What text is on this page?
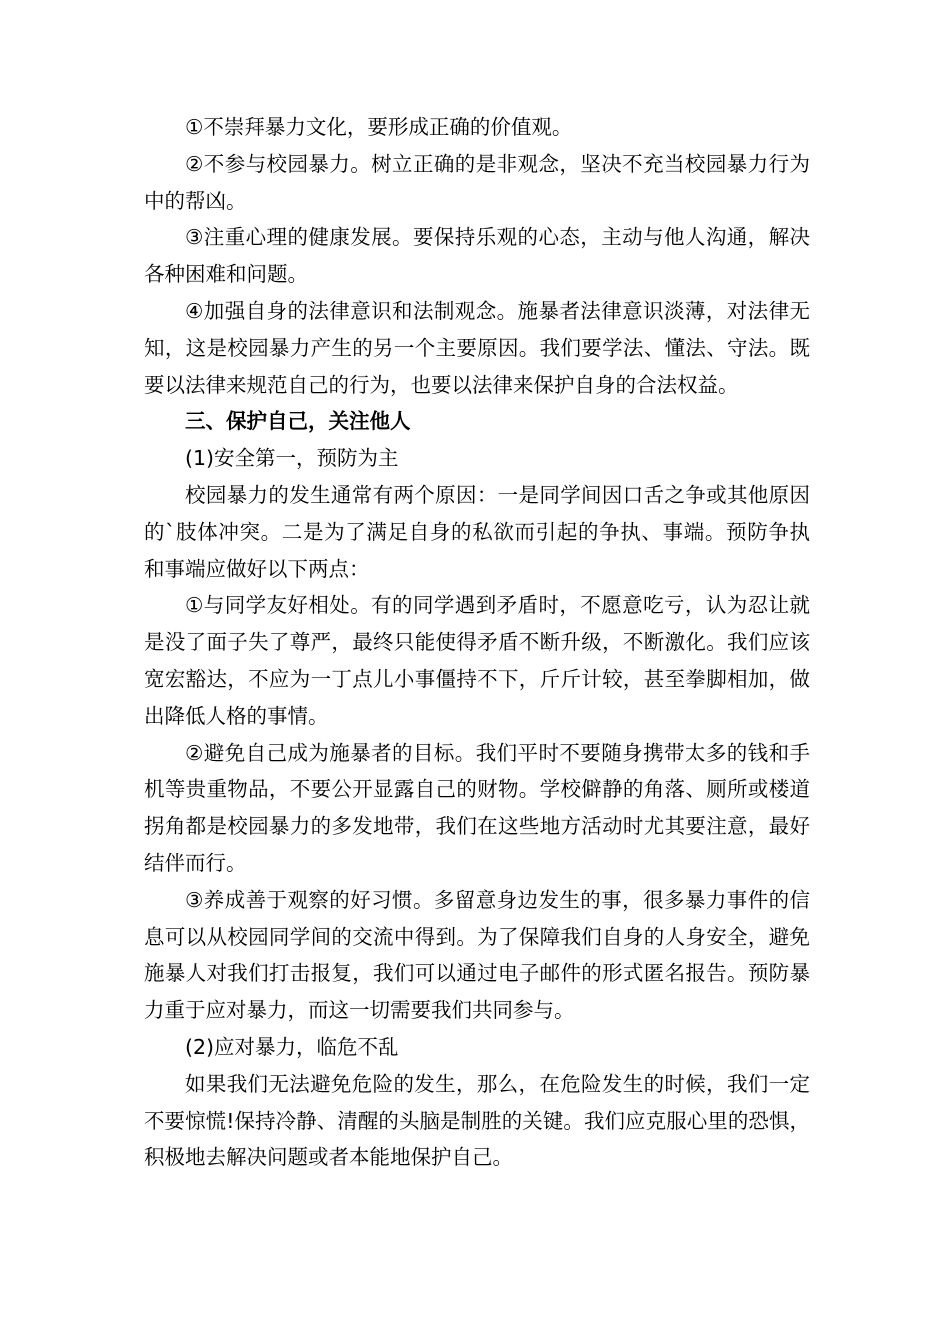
①不崇拜暴力文化，要形成正确的价值观。

②不参与校园暴力。树立正确的是非观念，坚决不充当校园暴力行为中的帮凶。

③注重心理的健康发展。要保持乐观的心态，主动与他人沟通，解决各种困难和问题。

④加强自身的法律意识和法制观念。施暴者法律意识淡薄，对法律无知，这是校园暴力产生的另一个主要原因。我们要学法、懂法、守法。既要以法律来规范自己的行为，也要以法律来保护自身的合法权益。

三、保护自己，关注他人

(1)安全第一，预防为主

校园暴力的发生通常有两个原因：一是同学间因口舌之争或其他原因的`肢体冲突。二是为了满足自身的私欲而引起的争执、事端。预防争执和事端应做好以下两点：

①与同学友好相处。有的同学遇到矛盾时，不愿意吃亏，认为忍让就是没了面子失了尊严，最终只能使得矛盾不断升级，不断激化。我们应该宽宏豁达，不应为一丁点儿小事僵持不下，斤斤计较，甚至拳脚相加，做出降低人格的事情。

②避免自己成为施暴者的目标。我们平时不要随身携带太多的钱和手机等贵重物品，不要公开显露自己的财物。学校僻静的角落、厕所或楼道拐角都是校园暴力的多发地带，我们在这些地方活动时尤其要注意，最好结伴而行。

③养成善于观察的好习惯。多留意身边发生的事，很多暴力事件的信息可以从校园同学间的交流中得到。为了保障我们自身的人身安全，避免施暴人对我们打击报复，我们可以通过电子邮件的形式匿名报告。预防暴力重于应对暴力，而这一切需要我们共同参与。

(2)应对暴力，临危不乱

如果我们无法避免危险的发生，那么，在危险发生的时候，我们一定不要惊慌!保持冷静、清醒的头脑是制胜的关键。我们应克服心里的恐惧，积极地去解决问题或者本能地保护自己。
